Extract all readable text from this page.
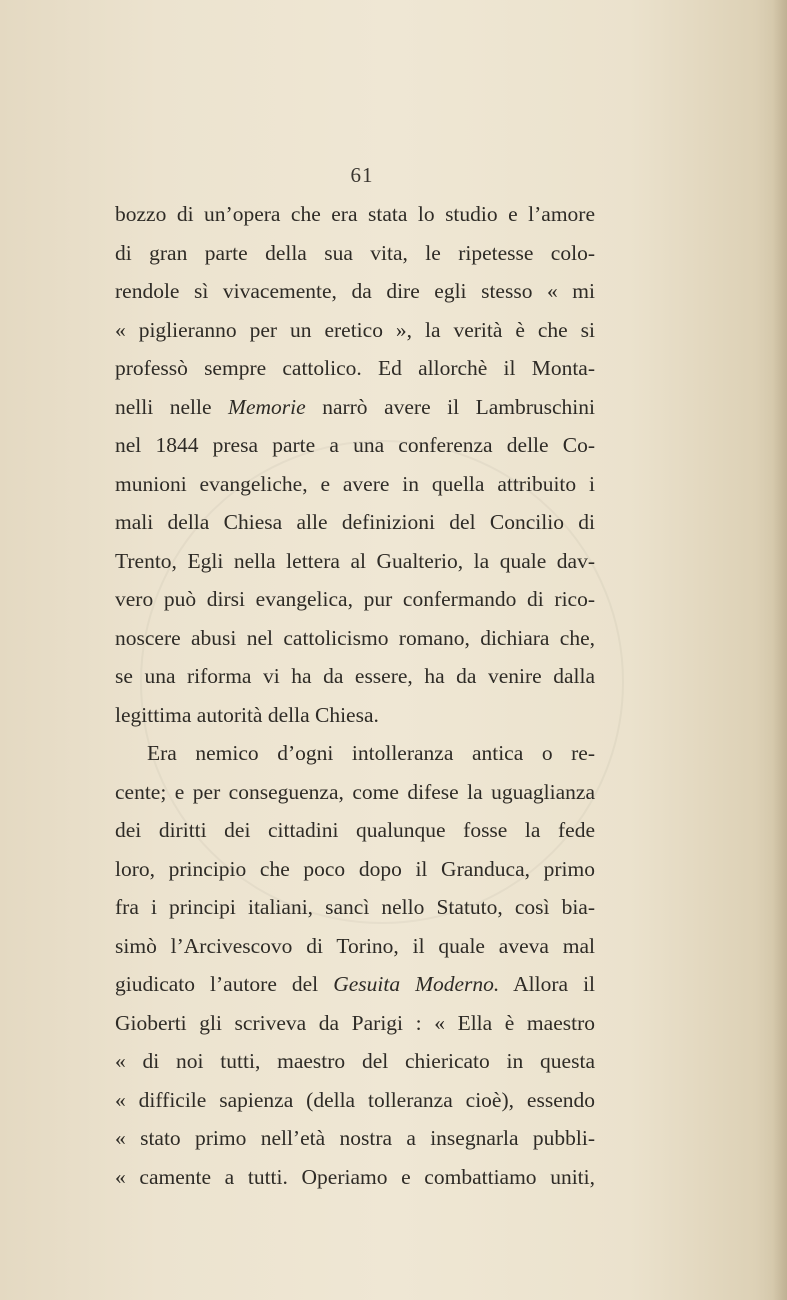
61
bozzo di un’opera che era stata lo studio e l’amore
di gran parte della sua vita, le ripetesse colo-
rendole sì vivacemente, da dire egli stesso « mi
« piglieranno per un eretico », la verità è che si
professò sempre cattolico. Ed allorchè il Monta-
nelli nelle Memorie narrò avere il Lambruschini
nel 1844 presa parte a una conferenza delle Co-
munioni evangeliche, e avere in quella attribuito i
mali della Chiesa alle definizioni del Concilio di
Trento, Egli nella lettera al Gualterio, la quale dav-
vero può dirsi evangelica, pur confermando di rico-
noscere abusi nel cattolicismo romano, dichiara che,
se una riforma vi ha da essere, ha da venire dalla
legittima autorità della Chiesa.
Era nemico d’ogni intolleranza antica o re-
cente; e per conseguenza, come difese la uguaglianza
dei diritti dei cittadini qualunque fosse la fede
loro, principio che poco dopo il Granduca, primo
fra i principi italiani, sancì nello Statuto, così bia-
simò l’Arcivescovo di Torino, il quale aveva mal
giudicato l’autore del Gesuita Moderno. Allora il
Gioberti gli scriveva da Parigi : « Ella è maestro
« di noi tutti, maestro del chiericato in questa
« difficile sapienza (della tolleranza cioè), essendo
« stato primo nell’età nostra a insegnarla pubbli-
« camente a tutti. Operiamo e combattiamo uniti,
